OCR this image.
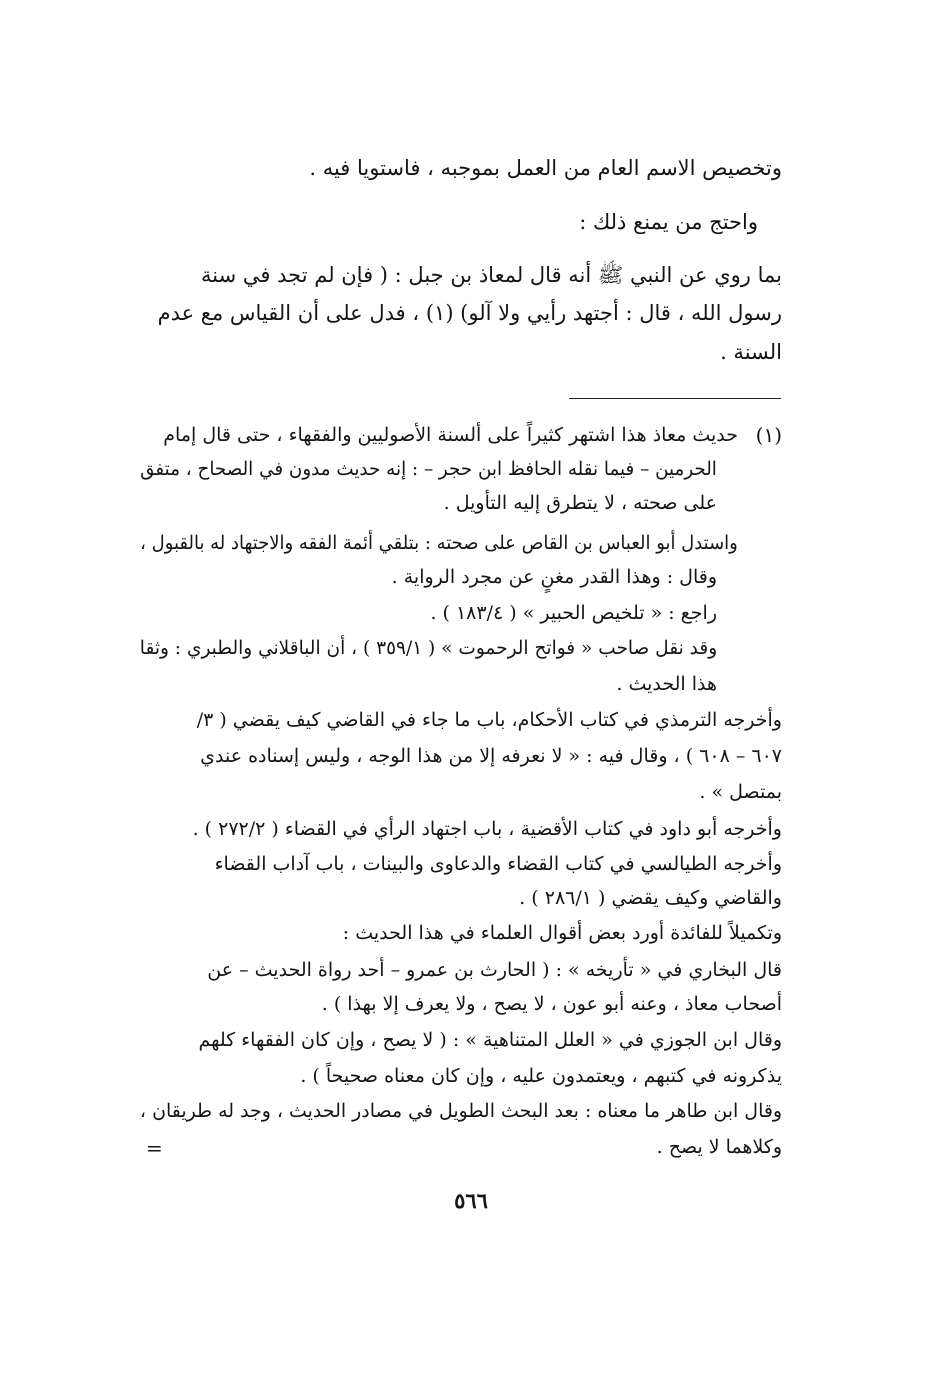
وتخصيص الاسم العام من العمل بموجبه ، فاستويا فيه .
واحتج من يمنع ذلك :
بما روي عن النبي ﷺ أنه قال لمعاذ بن جبل : ( فإن لم تجد في سنة
رسول الله ، قال : أجتهد رأيي ولا آلو) (١) ، فدل على أن القياس مع عدم
السنة .
(١)
حديث معاذ هذا اشتهر كثيراً على ألسنة الأصوليين والفقهاء ، حتى قال إمام
الحرمين – فيما نقله الحافظ ابن حجر – : إنه حديث مدون في الصحاح ، متفق
على صحته ، لا يتطرق إليه التأويل .
واستدل أبو العباس بن القاص على صحته : بتلقي أئمة الفقه والاجتهاد له بالقبول ،
وقال : وهذا القدر مغنٍ عن مجرد الرواية .
راجع : « تلخيص الحبير » ( ١٨٣/٤ ) .
وقد نقل صاحب « فواتح الرحموت » ( ٣٥٩/١ ) ، أن الباقلاني والطبري : وثقا
هذا الحديث .
وأخرجه الترمذي في كتاب الأحكام، باب ما جاء في القاضي كيف يقضي ( ٣/
٦٠٧ – ٦٠٨ ) ، وقال فيه : « لا نعرفه إلا من هذا الوجه ، وليس إسناده عندي
بمتصل » .
وأخرجه أبو داود في كتاب الأقضية ، باب اجتهاد الرأي في القضاء ( ٢٧٢/٢ ) .
وأخرجه الطيالسي في كتاب القضاء والدعاوى والبينات ، باب آداب القضاء
والقاضي وكيف يقضي ( ٢٨٦/١ ) .
وتكميلاً للفائدة أورد بعض أقوال العلماء في هذا الحديث :
قال البخاري في « تأريخه » : ( الحارث بن عمرو – أحد رواة الحديث – عن
أصحاب معاذ ، وعنه أبو عون ، لا يصح ، ولا يعرف إلا بهذا ) .
وقال ابن الجوزي في « العلل المتناهية » : ( لا يصح ، وإن كان الفقهاء كلهم
يذكرونه في كتبهم ، ويعتمدون عليه ، وإن كان معناه صحيحاً ) .
وقال ابن طاهر ما معناه : بعد البحث الطويل في مصادر الحديث ، وجد له طريقان ،
وكلاهما لا يصح .
=
٥٦٦
